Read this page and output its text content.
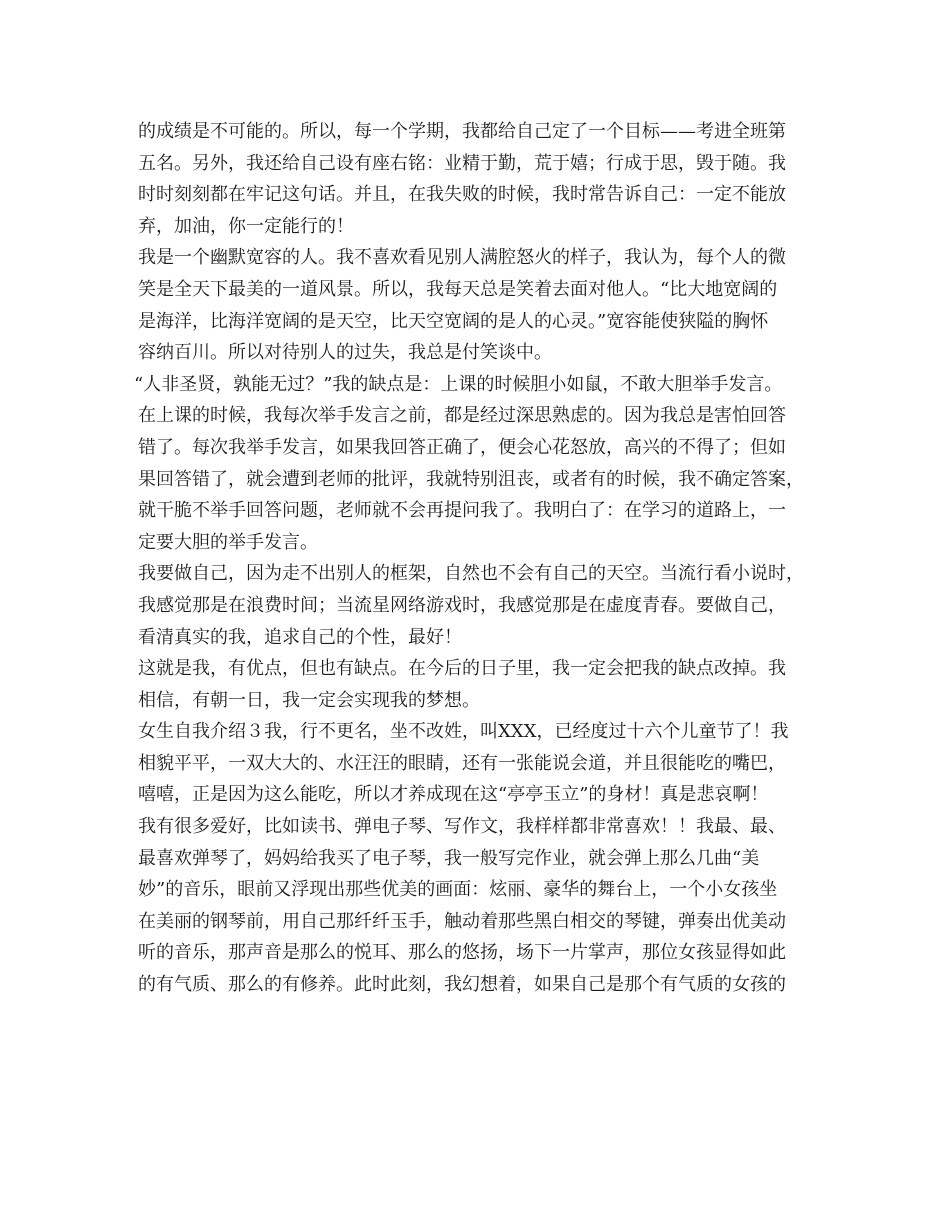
的成绩是不可能的。所以，每一个学期，我都给自己定了一个目标——考进全班第
五名。另外，我还给自己设有座右铭：业精于勤，荒于嬉；行成于思，毁于随。我
时时刻刻都在牢记这句话。并且，在我失败的时候，我时常告诉自己：一定不能放
弃，加油，你一定能行的！
我是一个幽默宽容的人。我不喜欢看见别人满腔怒火的样子，我认为，每个人的微
笑是全天下最美的一道风景。所以，我每天总是笑着去面对他人。“比大地宽阔的
是海洋，比海洋宽阔的是天空，比天空宽阔的是人的心灵。”宽容能使狭隘的胸怀
容纳百川。所以对待别人的过失，我总是付笑谈中。
“人非圣贤，孰能无过？”我的缺点是：上课的时候胆小如鼠，不敢大胆举手发言。
在上课的时候，我每次举手发言之前，都是经过深思熟虑的。因为我总是害怕回答
错了。每次我举手发言，如果我回答正确了，便会心花怒放，高兴的不得了；但如
果回答错了，就会遭到老师的批评，我就特别沮丧，或者有的时候，我不确定答案，
就干脆不举手回答问题，老师就不会再提问我了。我明白了：在学习的道路上，一
定要大胆的举手发言。
我要做自己，因为走不出别人的框架，自然也不会有自己的天空。当流行看小说时，
我感觉那是在浪费时间；当流星网络游戏时，我感觉那是在虚度青春。要做自己，
看清真实的我，追求自己的个性，最好！
这就是我，有优点，但也有缺点。在今后的日子里，我一定会把我的缺点改掉。我
相信，有朝一日，我一定会实现我的梦想。
女生自我介绍３我，行不更名，坐不改姓，叫XXX，已经度过十六个儿童节了！我
相貌平平，一双大大的、水汪汪的眼睛，还有一张能说会道，并且很能吃的嘴巴，
嘻嘻，正是因为这么能吃，所以才养成现在这“亭亭玉立”的身材！真是悲哀啊！
我有很多爱好，比如读书、弹电子琴、写作文，我样样都非常喜欢！！我最、最、
最喜欢弹琴了，妈妈给我买了电子琴，我一般写完作业，就会弹上那么几曲“美
妙”的音乐，眼前又浮现出那些优美的画面：炫丽、豪华的舞台上，一个小女孩坐
在美丽的钢琴前，用自己那纤纤玉手，触动着那些黑白相交的琴键，弹奏出优美动
听的音乐，那声音是那么的悦耳、那么的悠扬，场下一片掌声，那位女孩显得如此
的有气质、那么的有修养。此时此刻，我幻想着，如果自己是那个有气质的女孩的
